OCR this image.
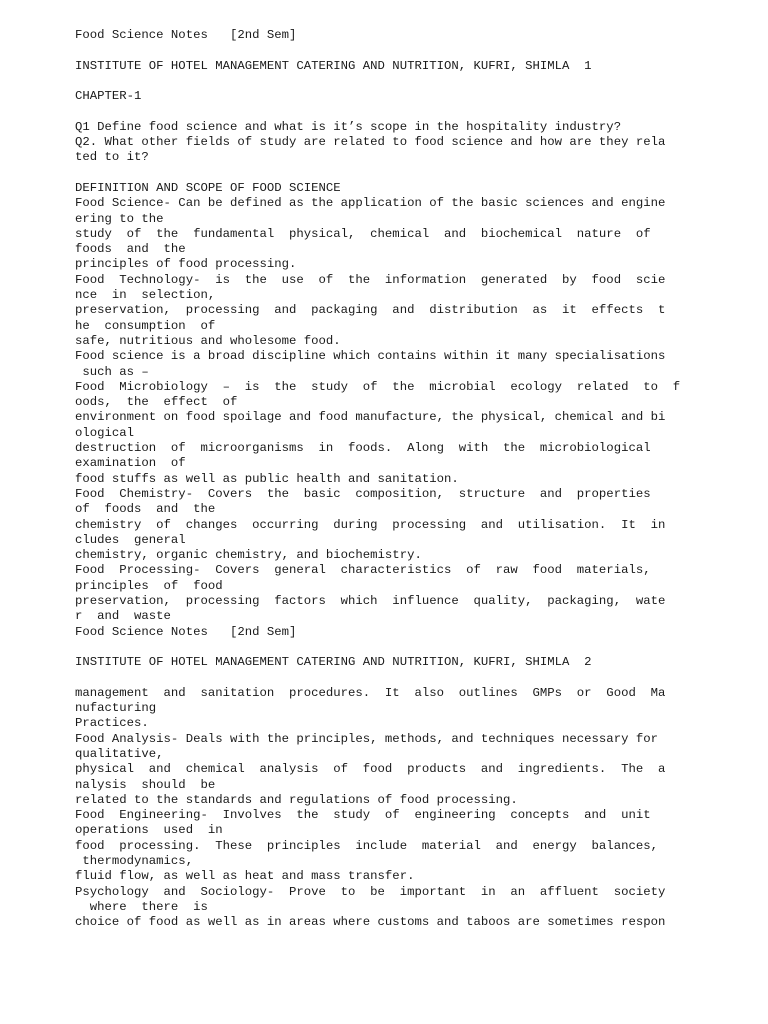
Food Science Notes   [2nd Sem]

INSTITUTE OF HOTEL MANAGEMENT CATERING AND NUTRITION, KUFRI, SHIMLA  1

CHAPTER-1

Q1 Define food science and what is it’s scope in the hospitality industry?
Q2. What other fields of study are related to food science and how are they rela
ted to it?

DEFINITION AND SCOPE OF FOOD SCIENCE
Food Science- Can be defined as the application of the basic sciences and engine
ering to the
study  of  the  fundamental  physical,  chemical  and  biochemical  nature  of
foods  and  the
principles of food processing.
Food  Technology-  is  the  use  of  the  information  generated  by  food  scie
nce  in  selection,
preservation,  processing  and  packaging  and  distribution  as  it  effects  t
he  consumption  of
safe, nutritious and wholesome food.
Food science is a broad discipline which contains within it many specialisations
such as –
Food  Microbiology  –  is  the  study  of  the  microbial  ecology  related  to  f
oods,  the  effect  of
environment on food spoilage and food manufacture, the physical, chemical and bi
ological
destruction  of  microorganisms  in  foods.  Along  with  the  microbiological
examination  of
food stuffs as well as public health and sanitation.
Food  Chemistry-  Covers  the  basic  composition,  structure  and  properties
of  foods  and  the
chemistry  of  changes  occurring  during  processing  and  utilisation.  It  in
cludes  general
chemistry, organic chemistry, and biochemistry.
Food  Processing-  Covers  general  characteristics  of  raw  food  materials,
principles  of  food
preservation,  processing  factors  which  influence  quality,  packaging,  wate
r  and  waste
Food Science Notes   [2nd Sem]

INSTITUTE OF HOTEL MANAGEMENT CATERING AND NUTRITION, KUFRI, SHIMLA  2

management  and  sanitation  procedures.  It  also  outlines  GMPs  or  Good  Ma
nufacturing
Practices.
Food Analysis- Deals with the principles, methods, and techniques necessary for
qualitative,
physical  and  chemical  analysis  of  food  products  and  ingredients.  The  a
nalysis  should  be
related to the standards and regulations of food processing.
Food  Engineering-  Involves  the  study  of  engineering  concepts  and  unit
operations  used  in
food  processing.  These  principles  include  material  and  energy  balances,
thermodynamics,
fluid flow, as well as heat and mass transfer.
Psychology  and  Sociology-  Prove  to  be  important  in  an  affluent  society
where  there  is
choice of food as well as in areas where customs and taboos are sometimes respon
